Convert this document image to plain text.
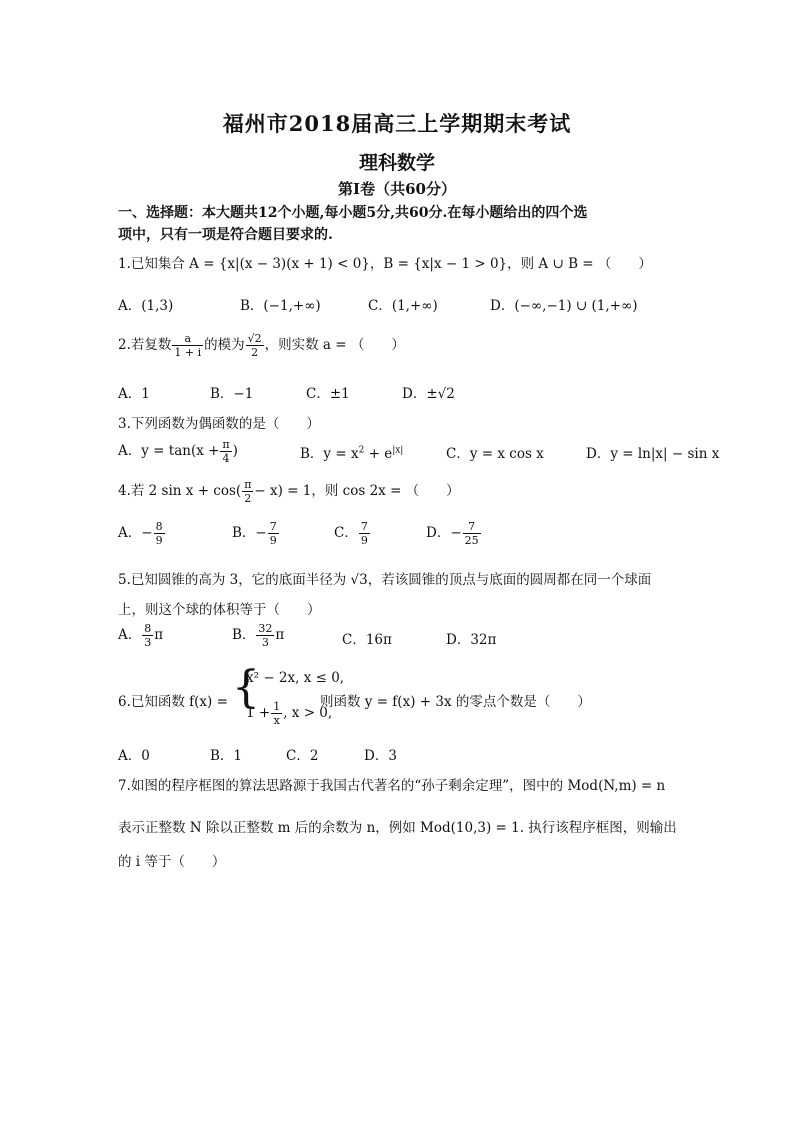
福州市2018届高三上学期期末考试
理科数学
第Ⅰ卷（共60分）
一、选择题：本大题共12个小题,每小题5分,共60分.在每小题给出的四个选
项中，只有一项是符合题目要求的.
1.已知集合 A = {x|(x − 3)(x + 1) < 0}，B = {x|x − 1 > 0}，则 A ∪ B = （　　）
A．(1,3)	B．(−1,+∞)	C．(1,+∞)	D．(−∞,−1) ∪ (1,+∞)
2.若复数 $\frac{a}{1 + i}$ 的模为 $\frac{√2}{2}$ ，则实数 a = （　　）
A．1	B．−1	C．±1	D．±√2
3.下列函数为偶函数的是（　　）
A．$y = \tan(x + \frac{\pi}{4}$ )	B．$y = x^2 + e^{|x|}$	C．y = x cos x	D．y = ln|x| − sin x
4.若 2 $\sin x + \cos( \frac{\pi}{2} - x) = 1$，则 cos 2x = （　　）
A．− $\frac{8}{9}$	B．− $\frac{7}{9}$	C． $\frac{7}{9}$	D．− $\frac{7}{25}$
5.已知圆锥的高为 3，它的底面半径为 √3，若该圆锥的顶点与底面的圆周都在同一个球面
上，则这个球的体积等于（　　）
A． $\frac{8}{3}$ π	B． $\frac{32}{3}$ π	C．16π	D．32π
6.已知函数 f(x) = {
x² − 2x, x ≤ 0,
$1 + \frac{1}{x}$ , x > 0,
则函数 y = f(x) + 3x 的零点个数是（　　）
A．0	B．1	C．2	D．3
7.如图的程序框图的算法思路源于我国古代著名的“孙子剩余定理”，图中的 Mod(N,m) = n
表示正整数 N 除以正整数 m 后的余数为 n，例如 Mod(10,3) = 1. 执行该程序框图，则输出
的 i 等于（　　）
